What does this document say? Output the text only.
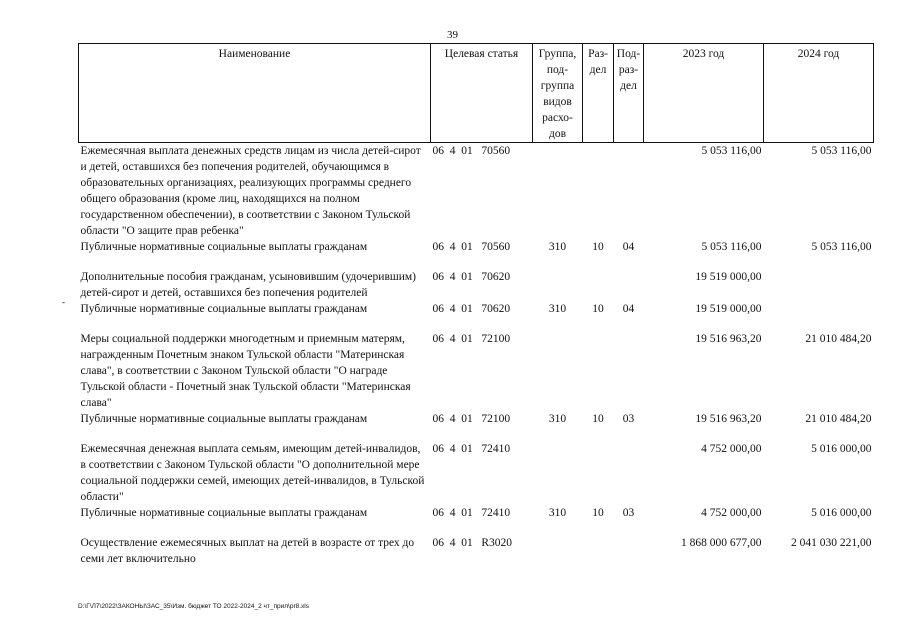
39
Наименование	Целевая статья	Группа, под- группа видов расхо- дов	Раз- дел	Под- раз- дел	2023 год	2024 год
Ежемесячная выплата денежных средств лицам из числа детей-сирот и детей, оставшихся без попечения родителей, обучающимся в образовательных организациях, реализующих программы среднего общего образования (кроме лиц, находящихся на полном государственном обеспечении), в соответствии с Законом Тульской области "О защите прав ребенка"	06  4  01   70560				5 053 116,00	5 053 116,00
Публичные нормативные социальные выплаты гражданам	06  4  01   70560	310	10	04	5 053 116,00	5 053 116,00

Дополнительные пособия гражданам, усыновившим (удочерившим) детей-сирот и детей, оставшихся без попечения родителей	06  4  01   70620				19 519 000,00	
Публичные нормативные социальные выплаты гражданам	06  4  01   70620	310	10	04	19 519 000,00	

Меры социальной поддержки многодетным и приемным матерям, награжденным Почетным знаком Тульской области "Материнская слава", в соответствии с Законом Тульской области "О награде Тульской области - Почетный знак Тульской области "Материнская слава"	06  4  01   72100				19 516 963,20	21 010 484,20
Публичные нормативные социальные выплаты гражданам	06  4  01   72100	310	10	03	19 516 963,20	21 010 484,20

Ежемесячная денежная выплата семьям, имеющим детей-инвалидов, в соответствии с Законом Тульской области "О дополнительной мере социальной поддержки семей, имеющих детей-инвалидов, в Тульской области"	06  4  01   72410				4 752 000,00	5 016 000,00
Публичные нормативные социальные выплаты гражданам	06  4  01   72410	310	10	03	4 752 000,00	5 016 000,00

Осуществление ежемесячных выплат на детей в возрасте от трех до семи лет включительно	06  4  01   R3020				1 868 000 677,00	2 041 030 221,00
‑
D:\Г\Л7\2022\ЗАКОНЫ\ЗАС_35\Изм. бюджет ТО 2022-2024_2 чт_прил\pr8.xls
